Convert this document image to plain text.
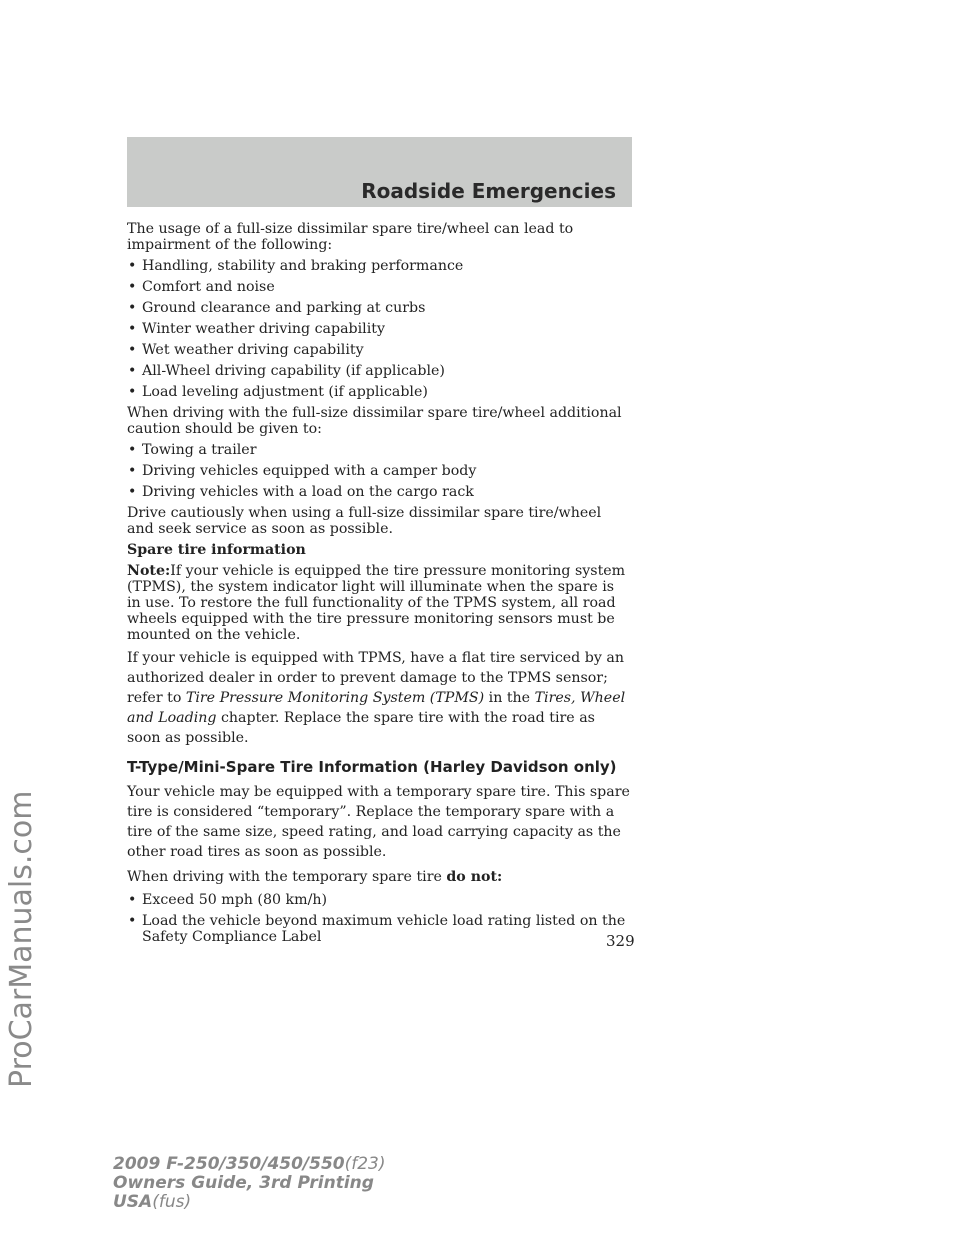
Roadside Emergencies
ProCarManuals.com

The usage of a full-size dissimilar spare tire/wheel can lead to impairment of the following:

• Handling, stability and braking performance
• Comfort and noise
• Ground clearance and parking at curbs
• Winter weather driving capability
• Wet weather driving capability
• All-Wheel driving capability (if applicable)
• Load leveling adjustment (if applicable)

When driving with the full-size dissimilar spare tire/wheel additional caution should be given to:

• Towing a trailer
• Driving vehicles equipped with a camper body
• Driving vehicles with a load on the cargo rack

Drive cautiously when using a full-size dissimilar spare tire/wheel and seek service as soon as possible.

Spare tire information

Note:If your vehicle is equipped the tire pressure monitoring system (TPMS), the system indicator light will illuminate when the spare is in use. To restore the full functionality of the TPMS system, all road wheels equipped with the tire pressure monitoring sensors must be mounted on the vehicle.

If your vehicle is equipped with TPMS, have a flat tire serviced by an authorized dealer in order to prevent damage to the TPMS sensor; refer to Tire Pressure Monitoring System (TPMS) in the Tires, Wheel and Loading chapter. Replace the spare tire with the road tire as soon as possible.

T-Type/Mini-Spare Tire Information (Harley Davidson only)

Your vehicle may be equipped with a temporary spare tire. This spare tire is considered “temporary”. Replace the temporary spare with a tire of the same size, speed rating, and load carrying capacity as the other road tires as soon as possible.

When driving with the temporary spare tire do not:

• Exceed 50 mph (80 km/h)
• Load the vehicle beyond maximum vehicle load rating listed on the Safety Compliance Label	329
2009 F-250/350/450/550(f23)
Owners Guide, 3rd Printing
USA(fus)
